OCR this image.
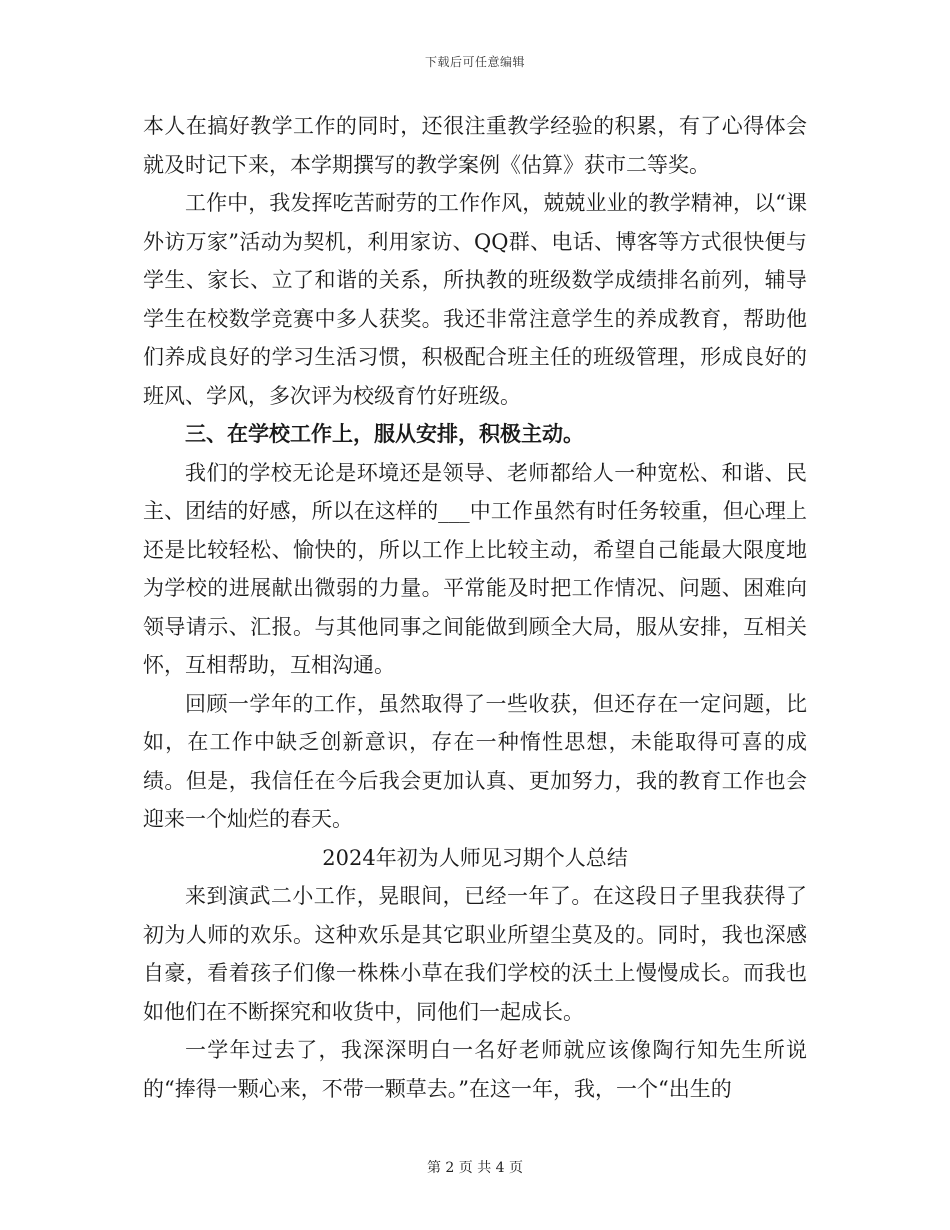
下载后可任意编辑

本人在搞好教学工作的同时，还很注重教学经验的积累，有了心得体会就及时记下来，本学期撰写的教学案例《估算》获市二等奖。

工作中，我发挥吃苦耐劳的工作作风，兢兢业业的教学精神，以“课外访万家”活动为契机，利用家访、QQ群、电话、博客等方式很快便与学生、家长、立了和谐的关系，所执教的班级数学成绩排名前列，辅导学生在校数学竞赛中多人获奖。我还非常注意学生的养成教育，帮助他们养成良好的学习生活习惯，积极配合班主任的班级管理，形成良好的班风、学风，多次评为校级育竹好班级。

三、在学校工作上，服从安排，积极主动。

我们的学校无论是环境还是领导、老师都给人一种宽松、和谐、民主、团结的好感，所以在这样的___中工作虽然有时任务较重，但心理上还是比较轻松、愉快的，所以工作上比较主动，希望自己能最大限度地为学校的进展献出微弱的力量。平常能及时把工作情况、问题、困难向领导请示、汇报。与其他同事之间能做到顾全大局，服从安排，互相关怀，互相帮助，互相沟通。

回顾一学年的工作，虽然取得了一些收获，但还存在一定问题，比如，在工作中缺乏创新意识，存在一种惰性思想，未能取得可喜的成绩。但是，我信任在今后我会更加认真、更加努力，我的教育工作也会迎来一个灿烂的春天。

2024年初为人师见习期个人总结

来到演武二小工作，晃眼间，已经一年了。在这段日子里我获得了初为人师的欢乐。这种欢乐是其它职业所望尘莫及的。同时，我也深感自豪，看着孩子们像一株株小草在我们学校的沃土上慢慢成长。而我也如他们在不断探究和收货中，同他们一起成长。

一学年过去了，我深深明白一名好老师就应该像陶行知先生所说的“捧得一颗心来，不带一颗草去。”在这一年，我，一个“出生的

第 2 页 共 4 页
